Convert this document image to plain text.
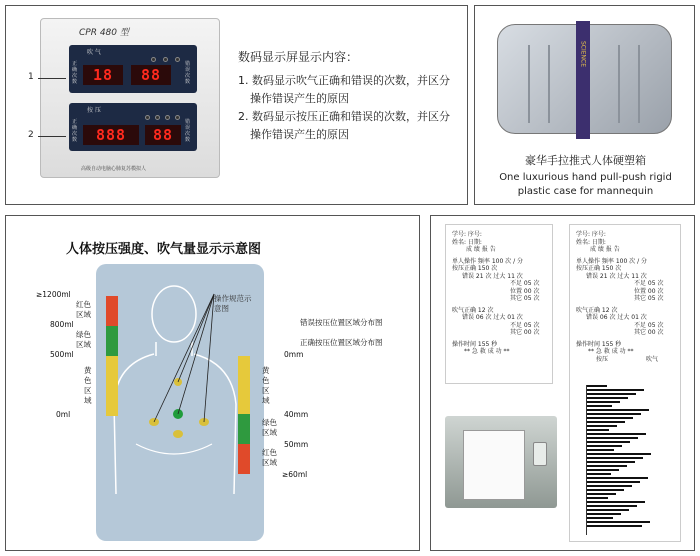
CPR 480 型
吹 气
正确次数	18	88
错误次数
按 压
正确次数	888	88
错误次数
高级自动电脑心肺复苏模拟人
1
2
数码显示屏显示内容：
1. 数码显示吹气正确和错误的次数，并区分
操作错误产生的原因
2. 数码显示按压正确和错误的次数，并区分
操作错误产生的原因
SCIENCE
豪华手拉推式人体硬塑箱
One luxurious hand pull-push rigid
plastic case for mannequin
人体按压强度、吹气量显示示意图
操作规范示意图
错误按压位置区域分布图
正确按压位置区域分布图
≥1200ml
800ml
500ml
0ml
红色区域
绿色区域
黄色区域
0mm
40mm
50mm
≥60ml
黄色区域
绿色区域
红色区域
学号: 序号:
姓名: 日期:
成 绩 报 告
单人操作 频率 100 次 / 分
按压正确 150 次
错误 21 次 过大 11 次
不足 05 次
位置 00 次
其它 05 次
吹气正确 12 次
错误 06 次 过大 01 次
不足 05 次
其它 00 次
操作时间 155 秒
** 急 救 成 功 **
学号: 序号:
姓名: 日期:
成 绩 报 告
单人操作 频率 100 次 / 分
按压正确 150 次
错误 21 次 过大 11 次
不足 05 次
位置 00 次
其它 05 次
吹气正确 12 次
错误 06 次 过大 01 次
不足 05 次
其它 00 次
操作时间 155 秒
** 急 救 成 功 **
按压	吹气
